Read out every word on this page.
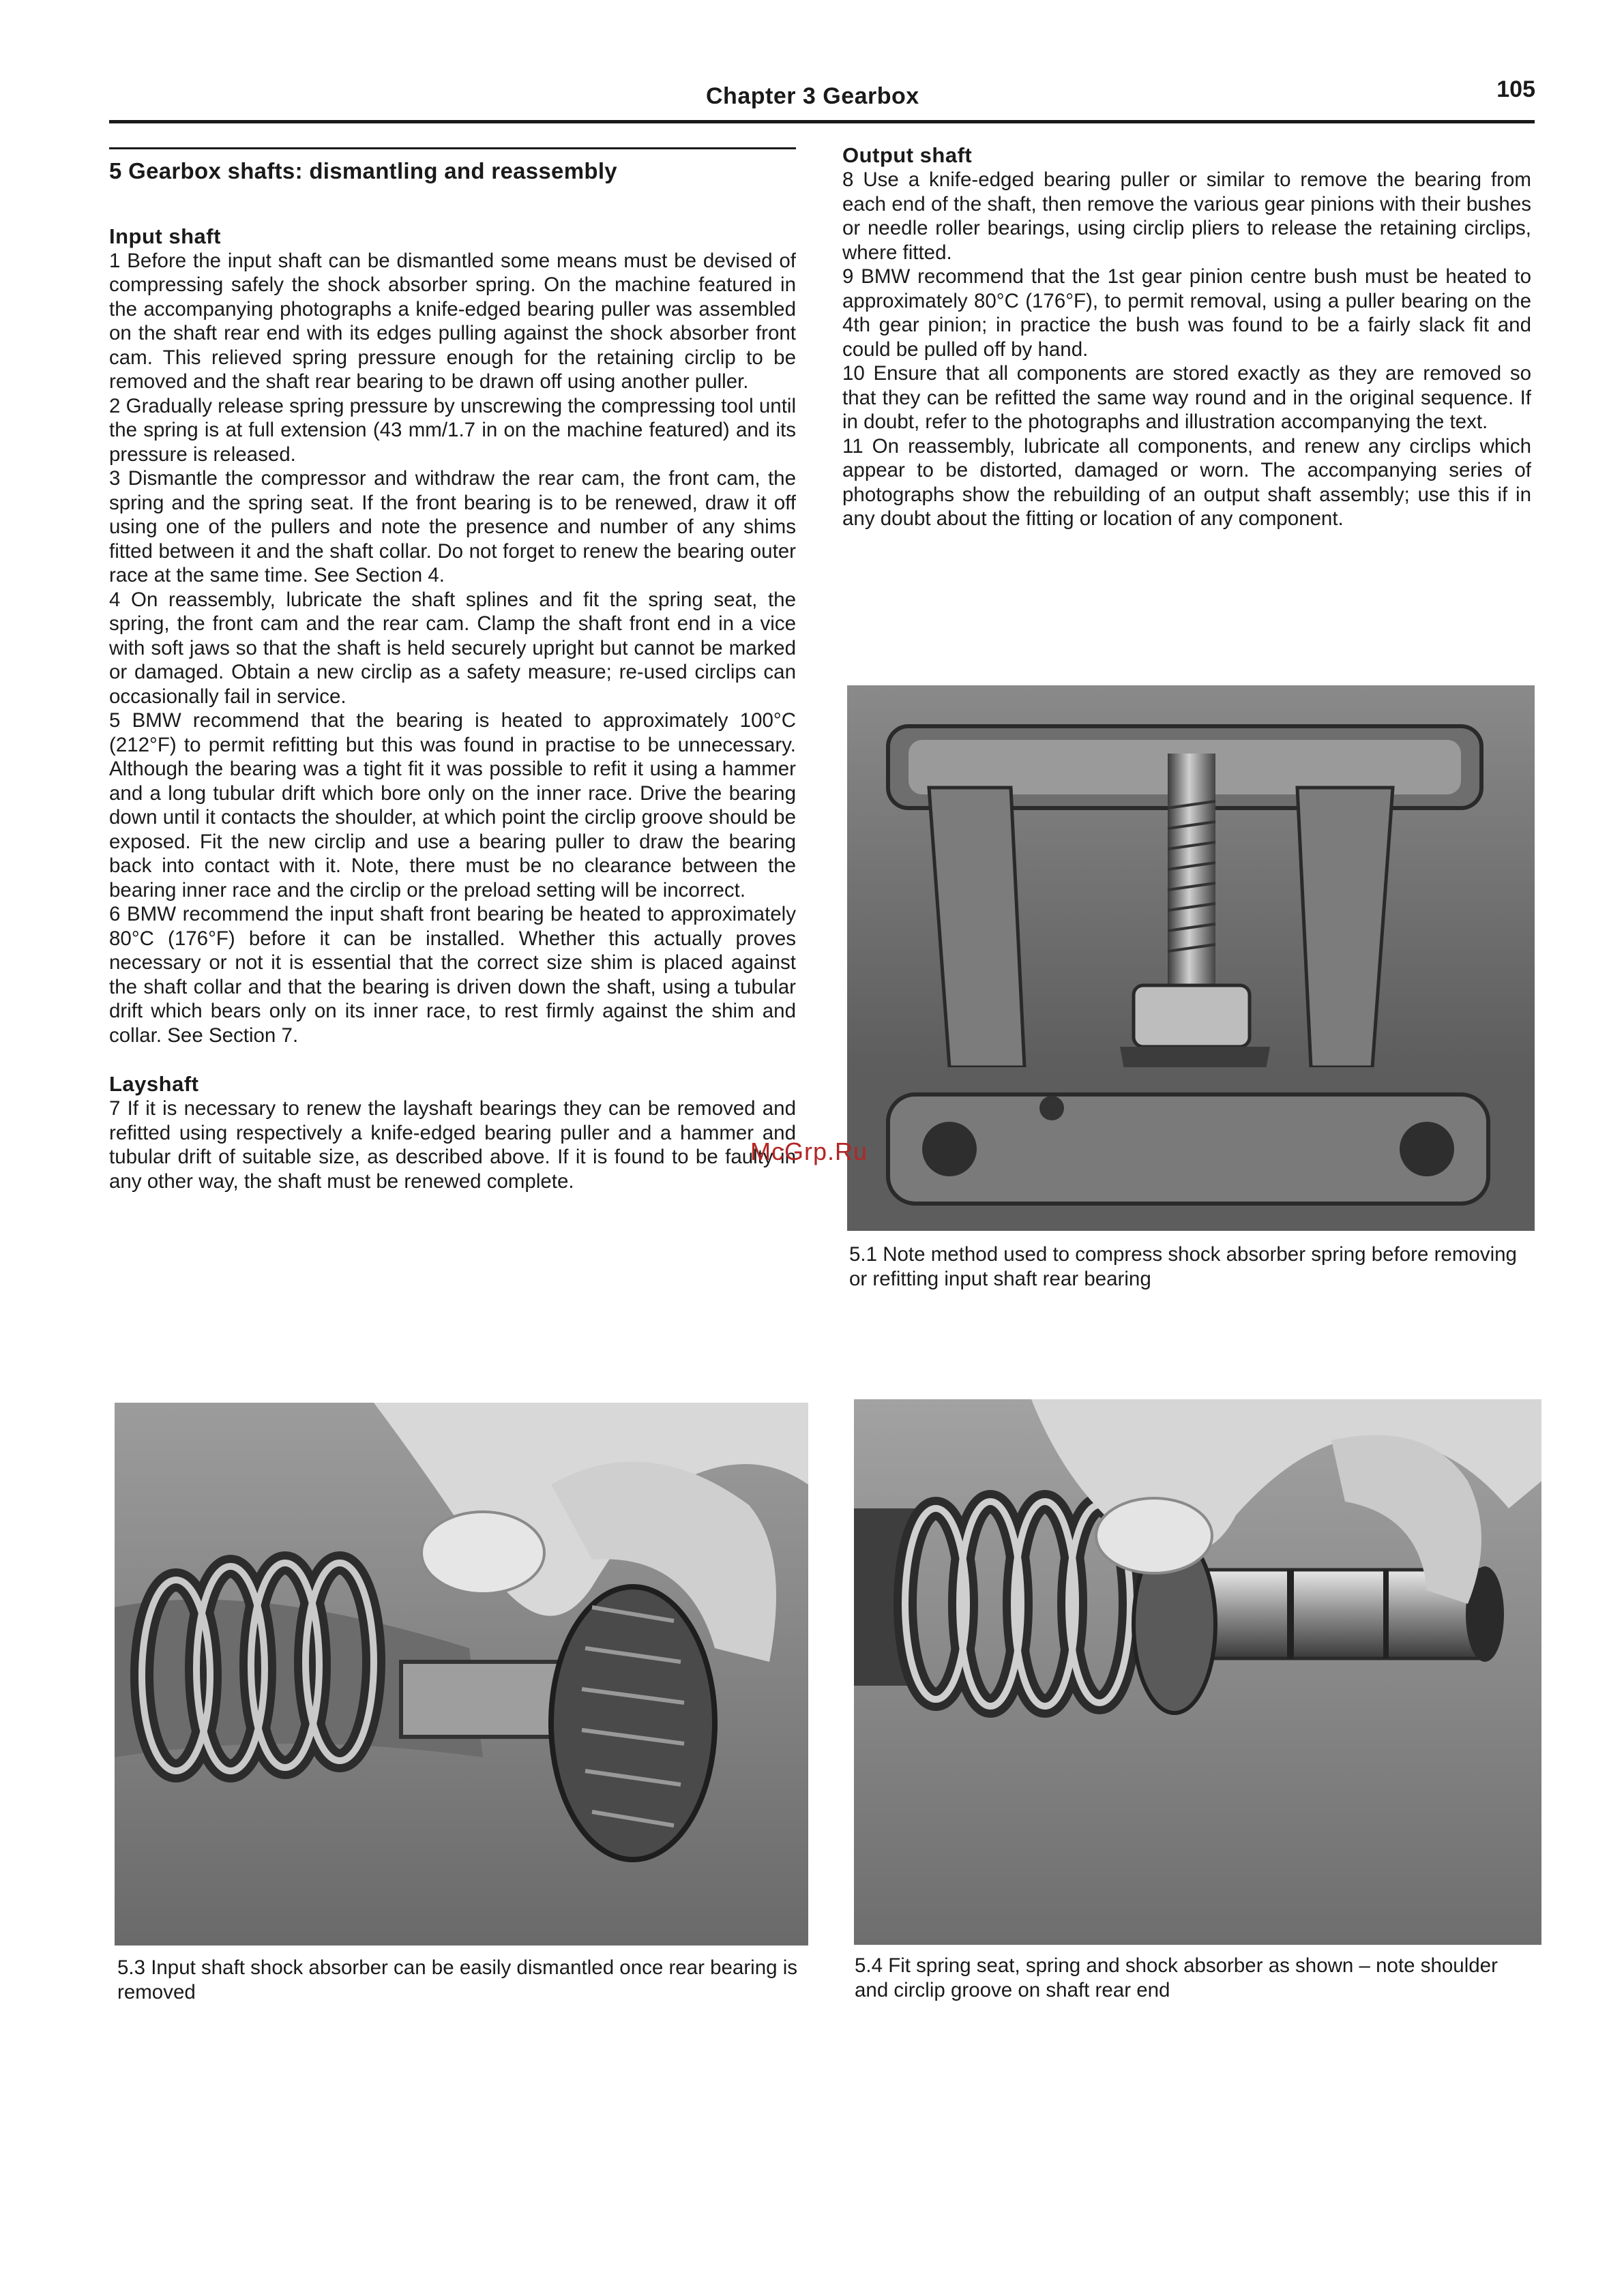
Chapter 3 Gearbox	105
5 Gearbox shafts: dismantling and reassembly
Input shaft

1 Before the input shaft can be dismantled some means must be devised of compressing safely the shock absorber spring. On the machine featured in the accompanying photographs a knife-edged bearing puller was assembled on the shaft rear end with its edges pulling against the shock absorber front cam. This relieved spring pressure enough for the retaining circlip to be removed and the shaft rear bearing to be drawn off using another puller.

2 Gradually release spring pressure by unscrewing the compressing tool until the spring is at full extension (43 mm/1.7 in on the machine featured) and its pressure is released.

3 Dismantle the compressor and withdraw the rear cam, the front cam, the spring and the spring seat. If the front bearing is to be renewed, draw it off using one of the pullers and note the presence and number of any shims fitted between it and the shaft collar. Do not forget to renew the bearing outer race at the same time. See Section 4.

4 On reassembly, lubricate the shaft splines and fit the spring seat, the spring, the front cam and the rear cam. Clamp the shaft front end in a vice with soft jaws so that the shaft is held securely upright but cannot be marked or damaged. Obtain a new circlip as a safety measure; re-used circlips can occasionally fail in service.

5 BMW recommend that the bearing is heated to approximately 100°C (212°F) to permit refitting but this was found in practise to be unnecessary. Although the bearing was a tight fit it was possible to refit it using a hammer and a long tubular drift which bore only on the inner race. Drive the bearing down until it contacts the shoulder, at which point the circlip groove should be exposed. Fit the new circlip and use a bearing puller to draw the bearing back into contact with it. Note, there must be no clearance between the bearing inner race and the circlip or the preload setting will be incorrect.

6 BMW recommend the input shaft front bearing be heated to approximately 80°C (176°F) before it can be installed. Whether this actually proves necessary or not it is essential that the correct size shim is placed against the shaft collar and that the bearing is driven down the shaft, using a tubular drift which bears only on its inner race, to rest firmly against the shim and collar. See Section 7.

Layshaft

7 If it is necessary to renew the layshaft bearings they can be removed and refitted using respectively a knife-edged bearing puller and a hammer and tubular drift of suitable size, as described above. If it is found to be faulty in any other way, the shaft must be renewed complete.

Output shaft

8 Use a knife-edged bearing puller or similar to remove the bearing from each end of the shaft, then remove the various gear pinions with their bushes or needle roller bearings, using circlip pliers to release the retaining circlips, where fitted.

9 BMW recommend that the 1st gear pinion centre bush must be heated to approximately 80°C (176°F), to permit removal, using a puller bearing on the 4th gear pinion; in practice the bush was found to be a fairly slack fit and could be pulled off by hand.

10 Ensure that all components are stored exactly as they are removed so that they can be refitted the same way round and in the original sequence. If in doubt, refer to the photographs and illustration accompanying the text.

11 On reassembly, lubricate all components, and renew any circlips which appear to be distorted, damaged or worn. The accompanying series of photographs show the rebuilding of an output shaft assembly; use this if in any doubt about the fitting or location of any component.

5.1 Note method used to compress shock absorber spring before removing or refitting input shaft rear bearing
McGrp.Ru
5.3 Input shaft shock absorber can be easily dismantled once rear bearing is removed
5.4 Fit spring seat, spring and shock absorber as shown – note shoulder and circlip groove on shaft rear end
